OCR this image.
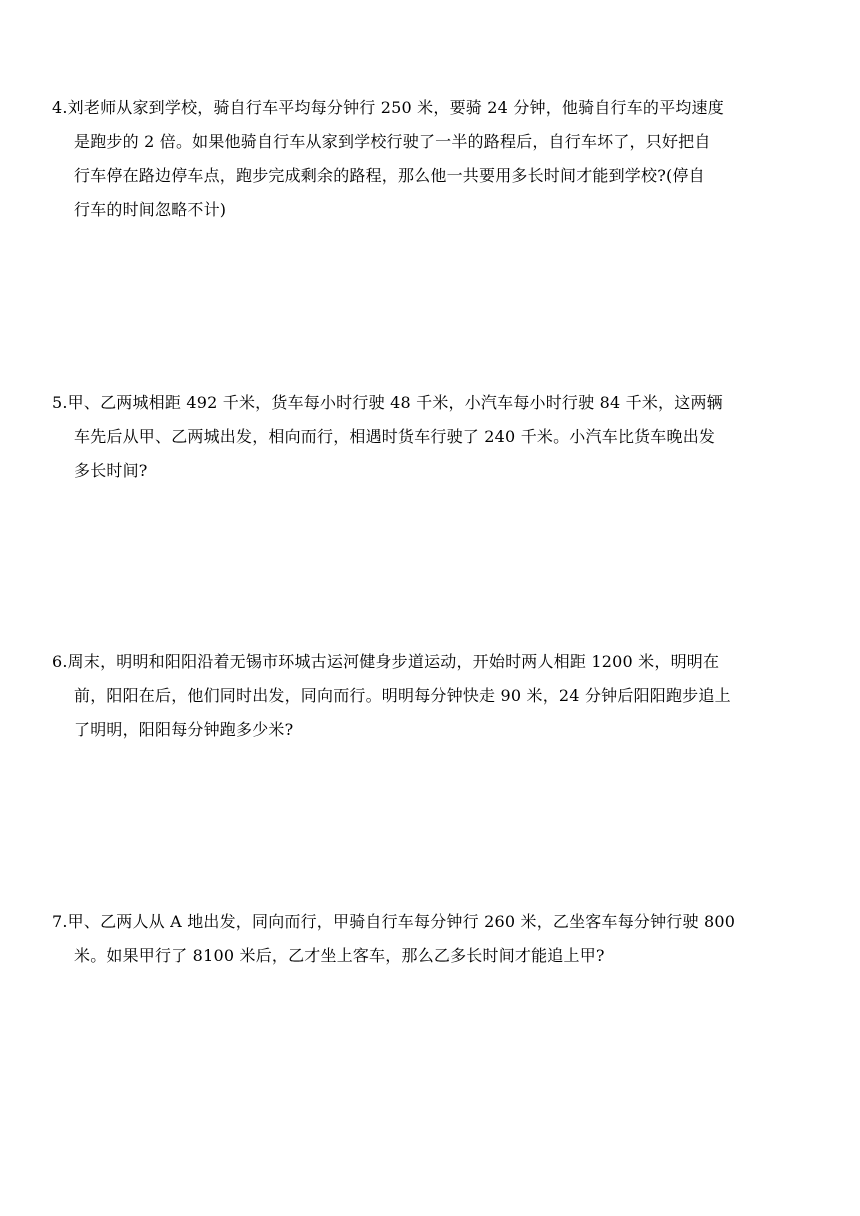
4.刘老师从家到学校，骑自行车平均每分钟行 250 米，要骑 24 分钟，他骑自行车的平均速度
是跑步的 2 倍。如果他骑自行车从家到学校行驶了一半的路程后，自行车坏了，只好把自
行车停在路边停车点，跑步完成剩余的路程，那么他一共要用多长时间才能到学校?(停自
行车的时间忽略不计)
5.甲、乙两城相距 492 千米，货车每小时行驶 48 千米，小汽车每小时行驶 84 千米，这两辆
车先后从甲、乙两城出发，相向而行，相遇时货车行驶了 240 千米。小汽车比货车晚出发
多长时间?
6.周末，明明和阳阳沿着无锡市环城古运河健身步道运动，开始时两人相距 1200 米，明明在
前，阳阳在后，他们同时出发，同向而行。明明每分钟快走 90 米，24 分钟后阳阳跑步追上
了明明，阳阳每分钟跑多少米?
7.甲、乙两人从 A 地出发，同向而行，甲骑自行车每分钟行 260 米，乙坐客车每分钟行驶 800
米。如果甲行了 8100 米后，乙才坐上客车，那么乙多长时间才能追上甲?
